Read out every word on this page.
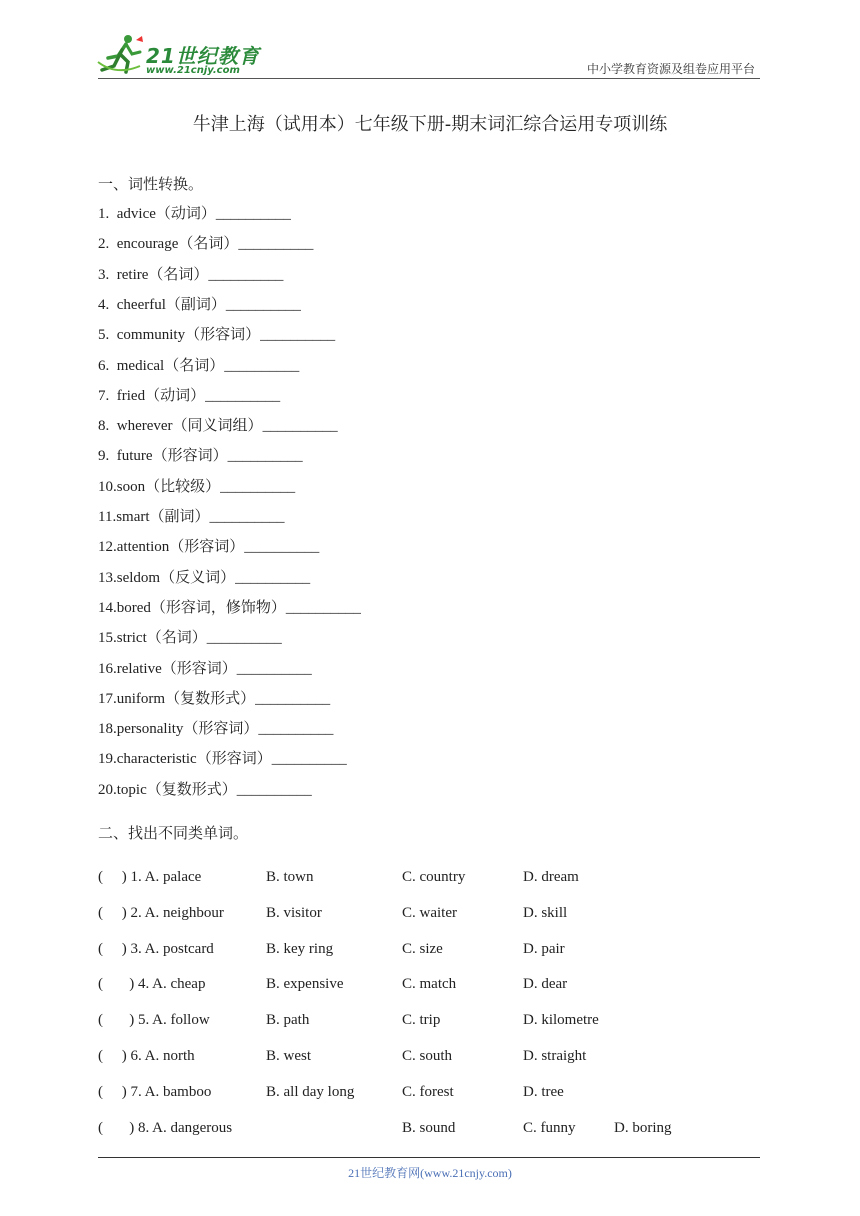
21世纪教育
www.21cnjy.com	中小学教育资源及组卷应用平台
牛津上海（试用本）七年级下册-期末词汇综合运用专项训练
一、词性转换。
1.  advice（动词）__________
2.  encourage（名词）__________
3.  retire（名词）__________
4.  cheerful（副词）__________
5.  community（形容词）__________
6.  medical（名词）__________
7.  fried（动词）__________
8.  wherever（同义词组）__________
9.  future（形容词）__________
10.soon（比较级）__________
11.smart（副词）__________
12.attention（形容词）__________
13.seldom（反义词）__________
14.bored（形容词，修饰物）__________
15.strict（名词）__________
16.relative（形容词）__________
17.uniform（复数形式）__________
18.personality（形容词）__________
19.characteristic（形容词）__________
20.topic（复数形式）__________
二、找出不同类单词。
(     ) 1. A. palace	B. town	C. country	D. dream
(     ) 2. A. neighbour	B. visitor	C. waiter	D. skill
(     ) 3. A. postcard	B. key ring	C. size	D. pair
(       ) 4. A. cheap	B. expensive	C. match	D. dear
(       ) 5. A. follow	B. path	C. trip	D. kilometre
(     ) 6. A. north	B. west	C. south	D. straight
(     ) 7. A. bamboo	B. all day long	C. forest	D. tree
(       ) 8. A. dangerous	B. sound	C. funny	D. boring
21世纪教育网(www.21cnjy.com)
